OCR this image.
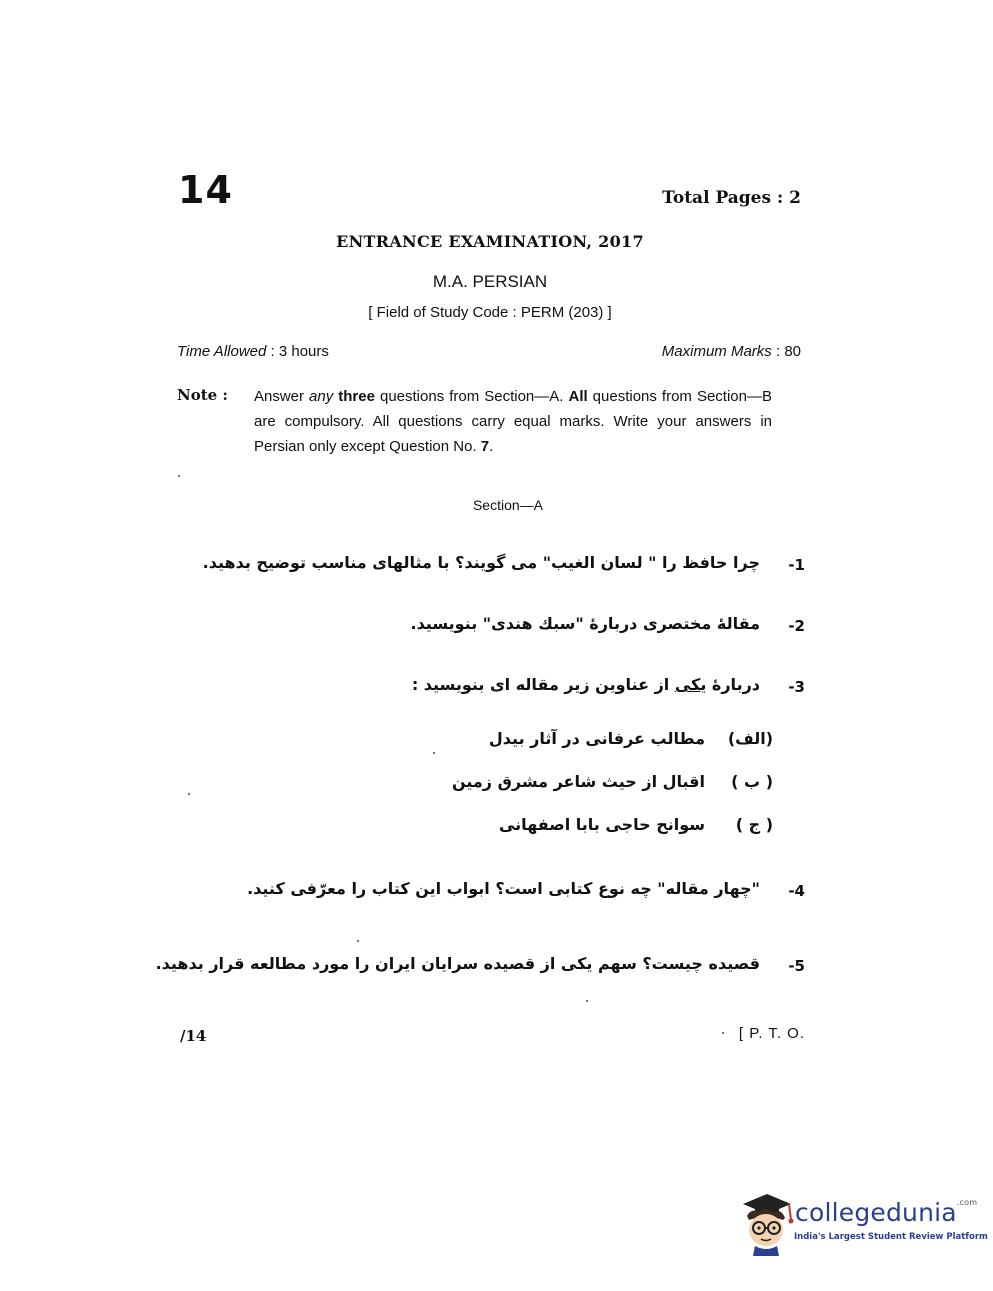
14	Total Pages : 2
ENTRANCE EXAMINATION, 2017
M.A. PERSIAN
[ Field of Study Code : PERM (203) ]
Time Allowed : 3 hours	Maximum Marks : 80
Note : Answer any three questions from Section—A. All questions from Section—B are compulsory. All questions carry equal marks. Write your answers in Persian only except Question No. 7.
Section—A
-1
چرا حافظ را " لسان الغیب" می گویند؟ با مثالهای مناسب توضیح بدهید.
-2
مقالهٔ مختصری دربارهٔ "سبك هندی" بنویسید.
-3
دربارهٔ یکی از عناوین زیر مقاله ای بنویسید :
(الف)
مطالب عرفانی در آثار بیدل
( ب )
اقبال از حیث شاعر مشرق زمین
( ج )
سوانح حاجی بابا اصفهانی
-4
"چهار مقاله" چه نوع کتابی است؟ ابواب این کتاب را معرّفی کنید.
-5
قصیده چیست؟ سهم یکی از قصیده سرایان ایران را مورد مطالعه قرار بدهید.
/14	[ P. T. O.
collegedunia$^{.com}$
India's Largest Student Review Platform
